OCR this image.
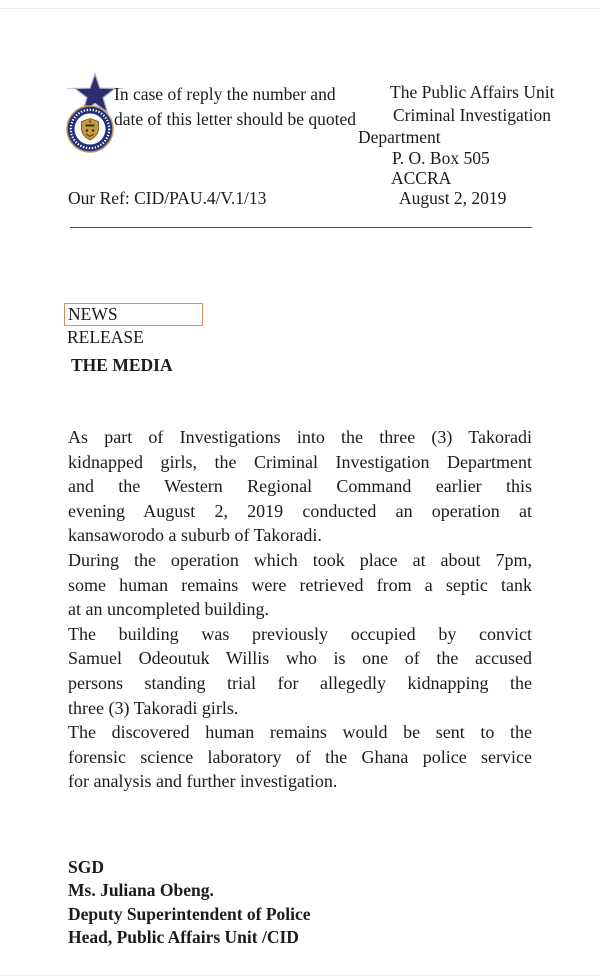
In case of reply the number and
date of this letter should be quoted
The Public Affairs Unit
Criminal Investigation
Department
P. O. Box 505
ACCRA
August 2, 2019
Our Ref: CID/PAU.4/V.1/13
NEWS
RELEASE
THE MEDIA
As part of Investigations into the three (3) Takoradi
kidnapped girls, the Criminal Investigation Department
and the Western Regional Command earlier this
evening August 2, 2019 conducted an operation at
kansaworodo a suburb of Takoradi.
During the operation which took place at about 7pm,
some human remains were retrieved from a septic tank
at an uncompleted building.
The building was previously occupied by convict
Samuel Odeoutuk Willis who is one of the accused
persons standing trial for allegedly kidnapping the
three (3) Takoradi girls.
The discovered human remains would be sent to the
forensic science laboratory of the Ghana police service
for analysis and further investigation.
SGD
Ms. Juliana Obeng.
Deputy Superintendent of Police
Head, Public Affairs Unit /CID
